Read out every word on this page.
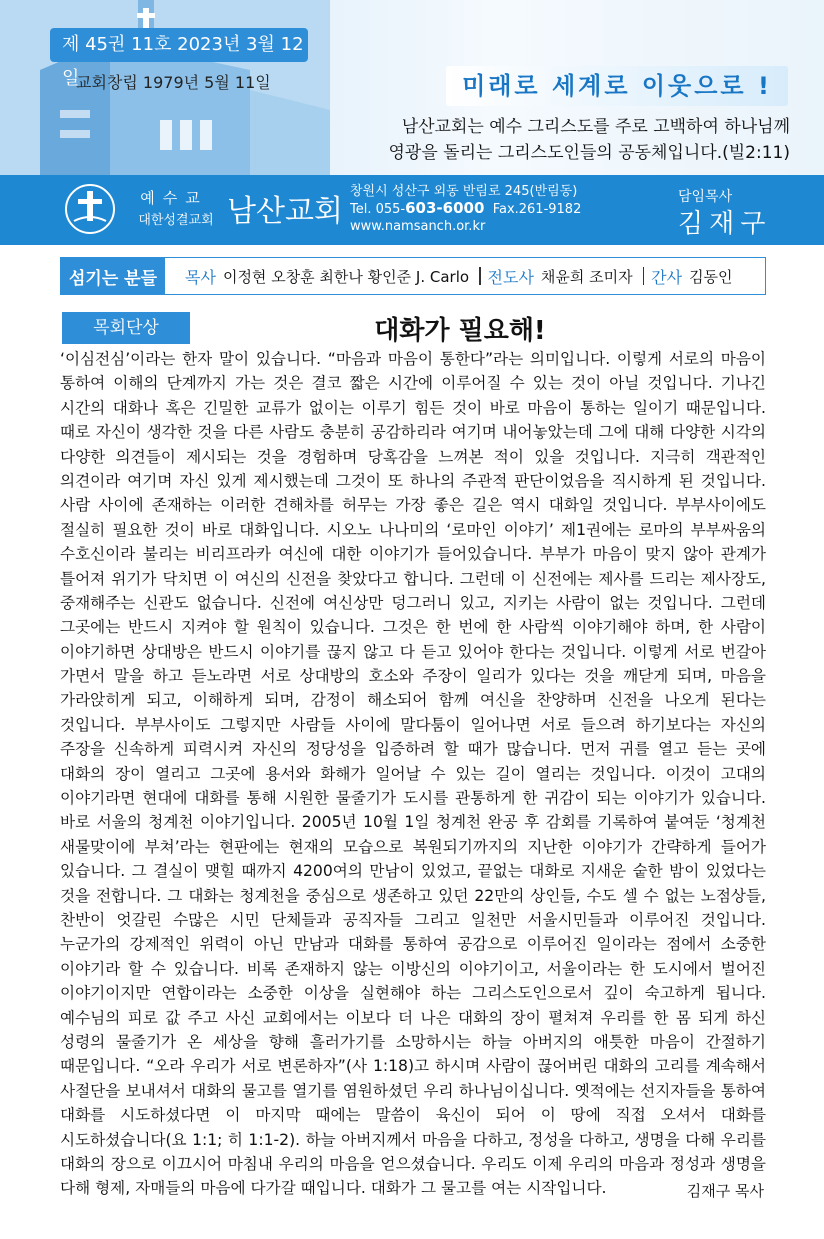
제 45권 11호 2023년 3월 12일
교회창립 1979년 5월 11일	미래로 세계로 이웃으로 !
남산교회는 예수 그리스도를 주로 고백하여 하나님께
영광을 돌리는 그리스도인들의 공동체입니다.(빌2:11)
예수교
대한성결교회 남산교회
창원시 성산구 외동 반림로 245(반림동)
Tel. 055-603-6000 Fax.261-9182
www.namsanch.or.kr
담임목사
김재구
섬기는 분들	목사 이정현 오창훈 최한나 황인준 J. Carlo 전도사 채윤희 조미자 간사 김동인
목회단상	대화가 필요해!
‘이심전심’이라는 한자 말이 있습니다. “마음과 마음이 통한다”라는 의미입니다. 이렇게 서로의 마음이
통하여 이해의 단계까지 가는 것은 결코 짧은 시간에 이루어질 수 있는 것이 아닐 것입니다. 기나긴
시간의 대화나 혹은 긴밀한 교류가 없이는 이루기 힘든 것이 바로 마음이 통하는 일이기 때문입니다.
때로 자신이 생각한 것을 다른 사람도 충분히 공감하리라 여기며 내어놓았는데 그에 대해 다양한 시각의
다양한 의견들이 제시되는 것을 경험하며 당혹감을 느껴본 적이 있을 것입니다. 지극히 객관적인
의견이라 여기며 자신 있게 제시했는데 그것이 또 하나의 주관적 판단이었음을 직시하게 된 것입니다.
사람 사이에 존재하는 이러한 견해차를 허무는 가장 좋은 길은 역시 대화일 것입니다. 부부사이에도
절실히 필요한 것이 바로 대화입니다. 시오노 나나미의 ‘로마인 이야기’ 제1권에는 로마의 부부싸움의
수호신이라 불리는 비리프라카 여신에 대한 이야기가 들어있습니다. 부부가 마음이 맞지 않아 관계가
틀어져 위기가 닥치면 이 여신의 신전을 찾았다고 합니다. 그런데 이 신전에는 제사를 드리는 제사장도,
중재해주는 신관도 없습니다. 신전에 여신상만 덩그러니 있고, 지키는 사람이 없는 것입니다. 그런데
그곳에는 반드시 지켜야 할 원칙이 있습니다. 그것은 한 번에 한 사람씩 이야기해야 하며, 한 사람이
이야기하면 상대방은 반드시 이야기를 끊지 않고 다 듣고 있어야 한다는 것입니다. 이렇게 서로 번갈아
가면서 말을 하고 듣노라면 서로 상대방의 호소와 주장이 일리가 있다는 것을 깨닫게 되며, 마음을
가라앉히게 되고, 이해하게 되며, 감정이 해소되어 함께 여신을 찬양하며 신전을 나오게 된다는
것입니다. 부부사이도 그렇지만 사람들 사이에 말다툼이 일어나면 서로 들으려 하기보다는 자신의
주장을 신속하게 피력시켜 자신의 정당성을 입증하려 할 때가 많습니다. 먼저 귀를 열고 듣는 곳에
대화의 장이 열리고 그곳에 용서와 화해가 일어날 수 있는 길이 열리는 것입니다. 이것이 고대의
이야기라면 현대에 대화를 통해 시원한 물줄기가 도시를 관통하게 한 귀감이 되는 이야기가 있습니다.
바로 서울의 청계천 이야기입니다. 2005년 10월 1일 청계천 완공 후 감회를 기록하여 붙여둔 ‘청계천
새물맞이에 부쳐’라는 현판에는 현재의 모습으로 복원되기까지의 지난한 이야기가 간략하게 들어가
있습니다. 그 결실이 맺힐 때까지 4200여의 만남이 있었고, 끝없는 대화로 지새운 숱한 밤이 있었다는
것을 전합니다. 그 대화는 청계천을 중심으로 생존하고 있던 22만의 상인들, 수도 셀 수 없는 노점상들,
찬반이 엇갈린 수많은 시민 단체들과 공직자들 그리고 일천만 서울시민들과 이루어진 것입니다.
누군가의 강제적인 위력이 아닌 만남과 대화를 통하여 공감으로 이루어진 일이라는 점에서 소중한
이야기라 할 수 있습니다. 비록 존재하지 않는 이방신의 이야기이고, 서울이라는 한 도시에서 벌어진
이야기이지만 연합이라는 소중한 이상을 실현해야 하는 그리스도인으로서 깊이 숙고하게 됩니다.
예수님의 피로 값 주고 사신 교회에서는 이보다 더 나은 대화의 장이 펼쳐져 우리를 한 몸 되게 하신
성령의 물줄기가 온 세상을 향해 흘러가기를 소망하시는 하늘 아버지의 애틋한 마음이 간절하기
때문입니다. “오라 우리가 서로 변론하자”(사 1:18)고 하시며 사람이 끊어버린 대화의 고리를 계속해서
사절단을 보내셔서 대화의 물고를 열기를 염원하셨던 우리 하나님이십니다. 옛적에는 선지자들을 통하여
대화를 시도하셨다면 이 마지막 때에는 말씀이 육신이 되어 이 땅에 직접 오셔서 대화를
시도하셨습니다(요 1:1; 히 1:1-2). 하늘 아버지께서 마음을 다하고, 정성을 다하고, 생명을 다해 우리를
대화의 장으로 이끄시어 마침내 우리의 마음을 얻으셨습니다. 우리도 이제 우리의 마음과 정성과 생명을
다해 형제, 자매들의 마음에 다가갈 때입니다. 대화가 그 물고를 여는 시작입니다.	김재구 목사
